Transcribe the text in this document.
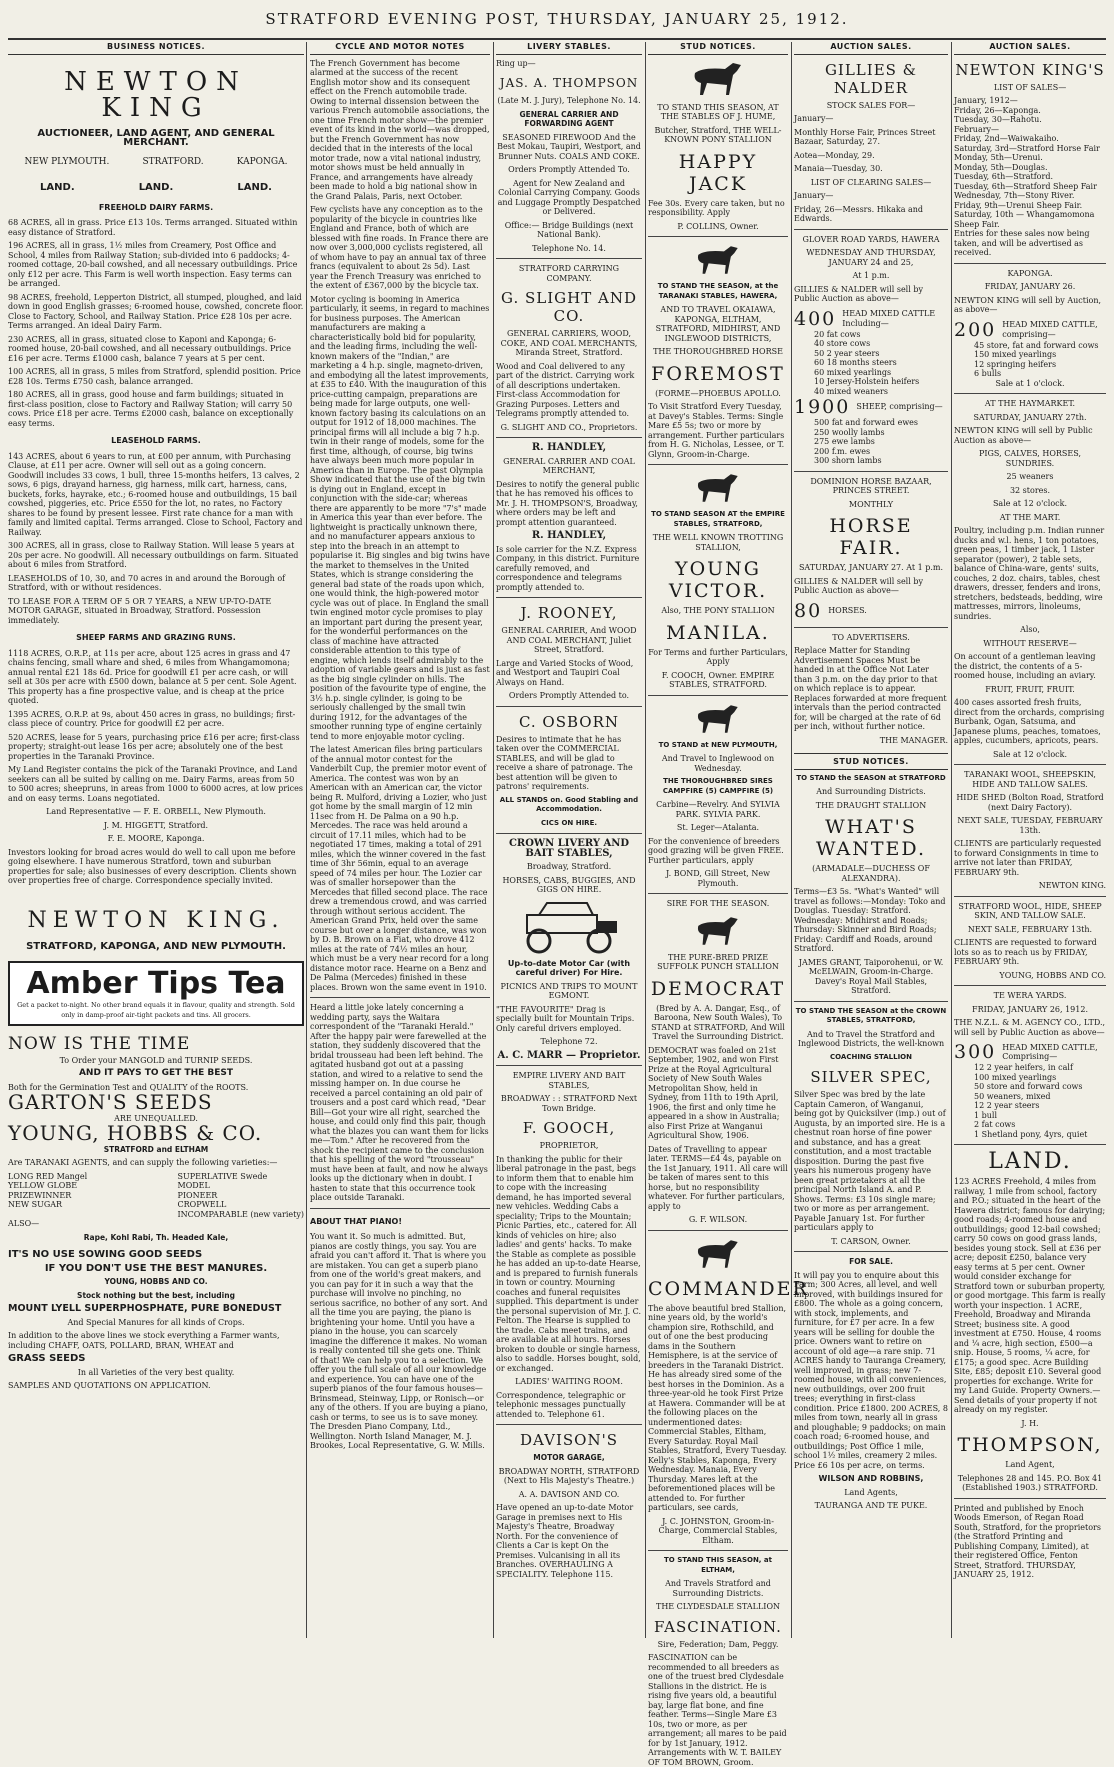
STRATFORD EVENING POST, THURSDAY, JANUARY 25, 1912.
BUSINESS NOTICES.
NEWTON KING
AUCTIONEER, LAND AGENT, AND GENERAL MERCHANT.
NEW PLYMOUTH.	STRATFORD.	KAPONGA.
LAND.	LAND.	LAND.
FREEHOLD DAIRY FARMS.

68 ACRES, all in grass. Price £13 10s. Terms arranged. Situated within easy distance of Stratford.

196 ACRES, all in grass, 1½ miles from Creamery, Post Office and School, 4 miles from Railway Station; sub-divided into 6 paddocks; 4-roomed cottage, 20-bail cowshed, and all necessary outbuildings. Price only £12 per acre. This Farm is well worth inspection. Easy terms can be arranged.

98 ACRES, freehold, Lepperton District, all stumped, ploughed, and laid down in good English grasses; 6-roomed house, cowshed, concrete floor. Close to Factory, School, and Railway Station. Price £28 10s per acre. Terms arranged. An ideal Dairy Farm.

230 ACRES, all in grass, situated close to Kaponi and Kaponga; 6-roomed house, 20-bail cowshed, and all necessary outbuildings. Price £16 per acre. Terms £1000 cash, balance 7 years at 5 per cent.

100 ACRES, all in grass, 5 miles from Stratford, splendid position. Price £28 10s. Terms £750 cash, balance arranged.

180 ACRES, all in grass, good house and farm buildings; situated in first-class position, close to Factory and Railway Station; will carry 50 cows. Price £18 per acre. Terms £2000 cash, balance on exceptionally easy terms.

LEASEHOLD FARMS.

143 ACRES, about 6 years to run, at £00 per annum, with Purchasing Clause, at £11 per acre. Owner will sell out as a going concern. Goodwill includes 33 cows, 1 bull, three 15-months heifers, 13 calves, 2 sows, 6 pigs, drayand harness, gig harness, milk cart, harness, cans, buckets, forks, hayrake, etc.; 6-roomed house and outbuildings, 15 bail cowshed, piggeries, etc. Price £550 for the lot, no rates, no Factory shares to be found by present lessee. First rate chance for a man with family and limited capital. Terms arranged. Close to School, Factory and Railway.

300 ACRES, all in grass, close to Railway Station. Will lease 5 years at 20s per acre. No goodwill. All necessary outbuildings on farm. Situated about 6 miles from Stratford.

LEASEHOLDS of 10, 30, and 70 acres in and around the Borough of Stratford, with or without residences.

TO LEASE FOR A TERM OF 5 OR 7 YEARS, a NEW UP-TO-DATE MOTOR GARAGE, situated in Broadway, Stratford. Possession immediately.

SHEEP FARMS AND GRAZING RUNS.

1118 ACRES, O.R.P., at 11s per acre, about 125 acres in grass and 47 chains fencing, small whare and shed, 6 miles from Whangamomona; annual rental £21 18s 6d. Price for goodwill £1 per acre cash, or will sell at 30s per acre with £500 down, balance at 5 per cent. Sole Agent. This property has a fine prospective value, and is cheap at the price quoted.

1395 ACRES, O.R.P. at 9s, about 450 acres in grass, no buildings; first-class piece of country. Price for goodwill £2 per acre.

520 ACRES, lease for 5 years, purchasing price £16 per acre; first-class property; straight-out lease 16s per acre; absolutely one of the best properties in the Taranaki Province.

My Land Register contains the pick of the Taranaki Province, and Land seekers can all be suited by calling on me. Dairy Farms, areas from 50 to 500 acres; sheepruns, in areas from 1000 to 6000 acres, at low prices and on easy terms. Loans negotiated.

Land Representative — F. E. ORBELL, New Plymouth.

J. M. HIGGETT, Stratford.

F. E. MOORE, Kaponga.

Investors looking for broad acres would do well to call upon me before going elsewhere. I have numerous Stratford, town and suburban properties for sale; also businesses of every description. Clients shown over properties free of charge. Correspondence specially invited.

NEWTON KING.
STRATFORD, KAPONGA, AND NEW PLYMOUTH.
Amber Tips Tea
Get a packet to-night. No other brand equals it in flavour, quality and strength. Sold only in damp-proof air-tight packets and tins. All grocers.
NOW IS THE TIME

To Order your MANGOLD and TURNIP SEEDS.

AND IT PAYS TO GET THE BEST

Both for the Germination Test and QUALITY of the ROOTS.

GARTON'S SEEDS

ARE UNEQUALLED.

YOUNG, HOBBS & CO.

STRATFORD and ELTHAM

Are TARANAKI AGENTS, and can supply the following varieties:—

LONG RED Mangel
YELLOW GLOBE
PRIZEWINNER
NEW SUGAR
SUPERLATIVE Swede
MODEL
PIONEER
CROPWELL
INCOMPARABLE (new variety)

ALSO—

Rape, Kohl Rabi, Th. Headed Kale,

IT'S NO USE SOWING GOOD SEEDS

IF YOU DON'T USE THE BEST MANURES.

YOUNG, HOBBS AND CO.

Stock nothing but the best, including

MOUNT LYELL SUPERPHOSPHATE, PURE BONEDUST

And Special Manures for all kinds of Crops.

In addition to the above lines we stock everything a Farmer wants, including CHAFF, OATS, POLLARD, BRAN, WHEAT and

GRASS SEEDS

In all Varieties of the very best quality.

SAMPLES AND QUOTATIONS ON APPLICATION.

CYCLE AND MOTOR NOTES

The French Government has become alarmed at the success of the recent English motor show and its consequent effect on the French automobile trade. Owing to internal dissension between the various French automobile associations, the one time French motor show—the premier event of its kind in the world—was dropped, but the French Government has now decided that in the interests of the local motor trade, now a vital national industry, motor shows must be held annually in France, and arrangements have already been made to hold a big national show in the Grand Palais, Paris, next October.

Few cyclists have any conception as to the popularity of the bicycle in countries like England and France, both of which are blessed with fine roads. In France there are now over 3,000,000 cyclists registered, all of whom have to pay an annual tax of three francs (equivalent to about 2s 5d). Last year the French Treasury was enriched to the extent of £367,000 by the bicycle tax.

Motor cycling is booming in America particularly, it seems, in regard to machines for business purposes. The American manufacturers are making a characteristically bold bid for popularity, and the leading firms, including the well-known makers of the "Indian," are marketing a 4 h.p. single, magneto-driven, and embodying all the latest improvements, at £35 to £40. With the inauguration of this price-cutting campaign, preparations are being made for large outputs, one well-known factory basing its calculations on an output for 1912 of 18,000 machines. The principal firms will all include a big 7 h.p. twin in their range of models, some for the first time, although, of course, big twins have always been much more popular in America than in Europe. The past Olympia Show indicated that the use of the big twin is dying out in England, except in conjunction with the side-car; whereas there are apparently to be more "7's" made in America this year than ever before. The lightweight is practically unknown there, and no manufacturer appears anxious to step into the breach in an attempt to popularise it. Big singles and big twins have the market to themselves in the United States, which is strange considering the general bad state of the roads upon which, one would think, the high-powered motor cycle was out of place. In England the small twin engined motor cycle promises to play an important part during the present year, for the wonderful performances on the class of machine have attracted considerable attention to this type of engine, which lends itself admirably to the adoption of variable gears and is just as fast as the big single cylinder on hills. The position of the favourite type of engine, the 3½ h.p. single cylinder, is going to be seriously challenged by the small twin during 1912, for the advantages of the smoother running type of engine certainly tend to more enjoyable motor cycling.

The latest American files bring particulars of the annual motor contest for the Vanderbilt Cup, the premier motor event of America. The contest was won by an American with an American car, the victor being R. Mulford, driving a Lozier, who just got home by the small margin of 12 min 11sec from H. De Palma on a 90 h.p. Mercedes. The race was held around a circuit of 17.11 miles, which had to be negotiated 17 times, making a total of 291 miles, which the winner covered in the fast time of 3hr 56min, equal to an average speed of 74 miles per hour. The Lozier car was of smaller horsepower than the Mercedes that filled second place. The race drew a tremendous crowd, and was carried through without serious accident. The American Grand Prix, held over the same course but over a longer distance, was won by D. B. Brown on a Fiat, who drove 412 miles at the rate of 74½ miles an hour, which must be a very near record for a long distance motor race. Hearne on a Benz and De Palma (Mercedes) finished in these places. Brown won the same event in 1910.

Heard a little joke lately concerning a wedding party, says the Waitara correspondent of the "Taranaki Herald." After the happy pair were farewelled at the station, they suddenly discovered that the bridal trousseau had been left behind. The agitated husband got out at a passing station, and wired to a relative to send the missing hamper on. In due course he received a parcel containing an old pair of trousers and a post card which read, "Dear Bill—Got your wire all right, searched the house, and could only find this pair, though what the blazes you can want them for licks me—Tom." After he recovered from the shock the recipient came to the conclusion that his spelling of the word "trousseau" must have been at fault, and now he always looks up the dictionary when in doubt. I hasten to state that this occurrence took place outside Taranaki.

ABOUT THAT PIANO!

You want it. So much is admitted. But, pianos are costly things, you say. You are afraid you can't afford it. That is where you are mistaken. You can get a superb piano from one of the world's great makers, and you can pay for it in such a way that the purchase will involve no pinching, no serious sacrifice, no bother of any sort. And all the time you are paying, the piano is brightening your home. Until you have a piano in the house, you can scarcely imagine the difference it makes. No woman is really contented till she gets one. Think of that! We can help you to a selection. We offer you the full scale of all our knowledge and experience. You can have one of the superb pianos of the four famous houses—Brinsmead, Steinway, Lipp, or Ronisch—or any of the others. If you are buying a piano, cash or terms, to see us is to save money. The Dresden Piano Company, Ltd., Wellington. North Island Manager, M. J. Brookes, Local Representative, G. W. Mills.

LIVERY STABLES.

Ring up—

JAS. A. THOMPSON

(Late M. J. Jury), Telephone No. 14.

GENERAL CARRIER AND FORWARDING AGENT

SEASONED FIREWOOD And the Best Mokau, Taupiri, Westport, and Brunner Nuts. COALS AND COKE.

Orders Promptly Attended To.

Agent for New Zealand and Colonial Carrying Company. Goods and Luggage Promptly Despatched or Delivered.

Office:— Bridge Buildings (next National Bank).

Telephone No. 14.

STRATFORD CARRYING COMPANY.

G. SLIGHT AND CO.

GENERAL CARRIERS, WOOD, COKE, AND COAL MERCHANTS, Miranda Street, Stratford.

Wood and Coal delivered to any part of the district. Carrying work of all descriptions undertaken. First-class Accommodation for Grazing Purposes. Letters and Telegrams promptly attended to.

G. SLIGHT AND CO., Proprietors.

R. HANDLEY,

GENERAL CARRIER AND COAL MERCHANT,

Desires to notify the general public that he has removed his offices to Mr. J. H. THOMPSON'S, Broadway, where orders may be left and prompt attention guaranteed.

R. HANDLEY,

Is sole carrier for the N.Z. Express Company, in this district. Furniture carefully removed, and correspondence and telegrams promptly attended to.

J. ROONEY,

GENERAL CARRIER, And WOOD AND COAL MERCHANT, Juliet Street, Stratford.

Large and Varied Stocks of Wood, and Westport and Taupiri Coal Always on Hand.

Orders Promptly Attended to.

C. OSBORN

Desires to intimate that he has taken over the COMMERCIAL STABLES, and will be glad to receive a share of patronage. The best attention will be given to patrons' requirements.

ALL STANDS on. Good Stabling and Accommodation.

CICS ON HIRE.

CROWN LIVERY AND BAIT STABLES,

Broadway, Stratford.

HORSES, CABS, BUGGIES, AND GIGS ON HIRE.

Up-to-date Motor Car (with careful driver) For Hire.

PICNICS AND TRIPS TO MOUNT EGMONT.

"THE FAVOURITE" Drag is specially built for Mountain Trips. Only careful drivers employed.

Telephone 72.

A. C. MARR — Proprietor.

EMPIRE LIVERY AND BAIT STABLES,

BROADWAY : : STRATFORD Next Town Bridge.

F. GOOCH,

PROPRIETOR,

In thanking the public for their liberal patronage in the past, begs to inform them that to enable him to cope with the increasing demand, he has imported several new vehicles. Wedding Cabs a speciality; Trips to the Mountain; Picnic Parties, etc., catered for. All kinds of vehicles on hire; also ladies' and gents' hacks. To make the Stable as complete as possible he has added an up-to-date Hearse, and is prepared to furnish funerals in town or country. Mourning coaches and funeral requisites supplied. This department is under the personal supervision of Mr. J. C. Felton. The Hearse is supplied to the trade. Cabs meet trains, and are available at all hours. Horses broken to double or single harness, also to saddle. Horses bought, sold, or exchanged.

LADIES' WAITING ROOM.

Correspondence, telegraphic or telephonic messages punctually attended to. Telephone 61.

DAVISON'S

MOTOR GARAGE,

BROADWAY NORTH, STRATFORD (Next to His Majesty's Theatre.)

A. A. DAVISON AND CO.

Have opened an up-to-date Motor Garage in premises next to His Majesty's Theatre, Broadway North. For the convenience of Clients a Car is kept On the Premises. Vulcanising in all its Branches. OVERHAULING A SPECIALITY. Telephone 115.

STUD NOTICES.

TO STAND THIS SEASON, AT THE STABLES OF J. HUME,

Butcher, Stratford, THE WELL-KNOWN PONY STALLION

HAPPY JACK

Fee 30s. Every care taken, but no responsibility. Apply

P. COLLINS, Owner.

TO STAND THE SEASON, at the TARANAKI STABLES, HAWERA,

AND TO TRAVEL OKAIAWA, KAPONGA, ELTHAM, STRATFORD, MIDHIRST, AND INGLEWOOD DISTRICTS,

THE THOROUGHBRED HORSE

FOREMOST

(FORME—PHOEBUS APOLLO.

To Visit Stratford Every Tuesday, at Davey's Stables. Terms: Single Mare £5 5s; two or more by arrangement. Further particulars from H. G. Nicholas, Lessee, or T. Glynn, Groom-in-Charge.

TO STAND SEASON AT the EMPIRE STABLES, STRATFORD,

THE WELL KNOWN TROTTING STALLION,

YOUNG VICTOR.

Also, THE PONY STALLION

MANILA.

For Terms and further Particulars, Apply

F. COOCH, Owner. EMPIRE STABLES, STRATFORD.

TO STAND at NEW PLYMOUTH,

And Travel to Inglewood on Wednesday.

THE THOROUGHBRED SIRES CAMPFIRE (5) CAMPFIRE (5)

Carbine—Revelry. And SYLVIA PARK. SYLVIA PARK.

St. Leger—Atalanta.

For the convenience of breeders good grazing will be given FREE. Further particulars, apply

J. BOND, Gill Street, New Plymouth.

SIRE FOR THE SEASON.

THE PURE-BRED PRIZE SUFFOLK PUNCH STALLION

DEMOCRAT

(Bred by A. A. Dangar, Esq., of Baroona, New South Wales), To STAND at STRATFORD, And Will Travel the Surrounding District.

DEMOCRAT was foaled on 21st September, 1902, and won First Prize at the Royal Agricultural Society of New South Wales Metropolitan Show, held in Sydney, from 11th to 19th April, 1906, the first and only time he appeared in a show in Australia; also First Prize at Wanganui Agricultural Show, 1906.

Dates of Travelling to appear later. TERMS—£4 4s, payable on the 1st January, 1911. All care will be taken of mares sent to this horse, but no responsibility whatever. For further particulars, apply to

G. F. WILSON.

COMMANDER

The above beautiful bred Stallion, nine years old, by the world's champion sire, Rothschild, and out of one the best producing dams in the Southern Hemisphere, is at the service of breeders in the Taranaki District. He has already sired some of the best horses in the Dominion. As a three-year-old he took First Prize at Hawera. Commander will be at the following places on the undermentioned dates: Commercial Stables, Eltham, Every Saturday. Royal Mail Stables, Stratford, Every Tuesday. Kelly's Stables, Kaponga, Every Wednesday. Manaia, Every Thursday. Mares left at the beforementioned places will be attended to. For further particulars, see cards,

J. C. JOHNSTON, Groom-in-Charge, Commercial Stables, Eltham.

TO STAND THIS SEASON, at ELTHAM,

And Travels Stratford and Surrounding Districts.

THE CLYDESDALE STALLION

FASCINATION.

Sire, Federation; Dam, Peggy.

FASCINATION can be recommended to all breeders as one of the truest bred Clydesdale Stallions in the district. He is rising five years old, a beautiful bay, large flat bone, and fine feather. Terms—Single Mare £3 10s, two or more, as per arrangement; all mares to be paid for by 1st January, 1912. Arrangements with W. T. BAILEY OF TOM BROWN, Groom.

AUCTION SALES.
GILLIES & NALDER

STOCK SALES FOR—

January—

Monthly Horse Fair, Princes Street Bazaar, Saturday, 27.

Aotea—Monday, 29.

Manaia—Tuesday, 30.

LIST OF CLEARING SALES—

January—

Friday, 26—Messrs. Hikaka and Edwards.

GLOVER ROAD YARDS, HAWERA

WEDNESDAY AND THURSDAY, JANUARY 24 and 25,

At 1 p.m.

GILLIES & NALDER will sell by Public Auction as above—

400 HEAD MIXED CATTLE Including—
20 fat cows
40 store cows
50 2 year steers
60 18 months steers
60 mixed yearlings
10 Jersey-Holstein heifers
40 mixed weaners
1900 SHEEP, comprising—
500 fat and forward ewes
250 woolly lambs
275 ewe lambs
200 f.m. ewes
300 shorn lambs

DOMINION HORSE BAZAAR, PRINCES STREET.

MONTHLY

HORSE FAIR.

SATURDAY, JANUARY 27. At 1 p.m.

GILLIES & NALDER will sell by Public Auction as above—

80 HORSES.

TO ADVERTISERS.

Replace Matter for Standing Advertisement Spaces Must be handed in at the Office Not Later than 3 p.m. on the day prior to that on which replace is to appear. Replaces forwarded at more frequent intervals than the period contracted for, will be charged at the rate of 6d per inch, without further notice.

THE MANAGER.

STUD NOTICES.

TO STAND the SEASON at STRATFORD

And Surrounding Districts.

THE DRAUGHT STALLION

WHAT'S WANTED.

(ARMADALE—DUCHESS OF ALEXANDRA).

Terms—£3 5s. "What's Wanted" will travel as follows:—Monday: Toko and Douglas. Tuesday: Stratford. Wednesday: Midhirst and Roads; Thursday: Skinner and Bird Roads; Friday: Cardiff and Roads, around Stratford.

JAMES GRANT, Taiporohenui, or W. McELWAIN, Groom-in-Charge. Davey's Royal Mail Stables, Stratford.

TO STAND THE SEASON at the CROWN STABLES, STRATFORD,

And to Travel the Stratford and Inglewood Districts, the well-known

COACHING STALLION

SILVER SPEC,

Silver Spec was bred by the late Captain Cameron, of Wanganui, being got by Quicksilver (imp.) out of Augusta, by an imported sire. He is a chestnut roan horse of fine power and substance, and has a great constitution, and a most tractable disposition. During the past five years his numerous progeny have been great prizetakers at all the principal North Island A. and P. Shows. Terms: £3 10s single mare; two or more as per arrangement. Payable January 1st. For further particulars apply to

T. CARSON, Owner.

FOR SALE.

It will pay you to enquire about this Farm; 300 Acres, all level, and well improved, with buildings insured for £800. The whole as a going concern, with stock, implements, and furniture, for £7 per acre. In a few years will be selling for double the price. Owners want to retire on account of old age—a rare snip. 71 ACRES handy to Tauranga Creamery, well improved, in grass; new 7-roomed house, with all conveniences, new outbuildings, over 200 fruit trees; everything in first-class condition. Price £1800. 200 ACRES, 8 miles from town, nearly all in grass and ploughable; 9 paddocks; on main coach road; 6-roomed house, and outbuildings; Post Office 1 mile, school 1½ miles, creamery 2 miles. Price £6 10s per acre, on terms.

WILSON AND ROBBINS,

Land Agents,

TAURANGA AND TE PUKE.

AUCTION SALES.
NEWTON KING'S

LIST OF SALES—

January, 1912—
Friday, 26—Kaponga.
Tuesday, 30—Rahotu.
February—
Friday, 2nd—Waiwakaiho.
Saturday, 3rd—Stratford Horse Fair
Monday, 5th—Urenui.
Monday, 5th—Douglas.
Tuesday, 6th—Stratford.
Tuesday, 6th—Stratford Sheep Fair
Wednesday, 7th—Stony River.
Friday, 9th—Urenui Sheep Fair.
Saturday, 10th — Whangamomona Sheep Fair.

Entries for these sales now being taken, and will be advertised as received.

KAPONGA.

FRIDAY, JANUARY 26.

NEWTON KING will sell by Auction, as above—

200 HEAD MIXED CATTLE, comprising—
45 store, fat and forward cows
150 mixed yearlings
12 springing heifers
6 bulls

Sale at 1 o'clock.

AT THE HAYMARKET.

SATURDAY, JANUARY 27th.

NEWTON KING will sell by Public Auction as above—

PIGS, CALVES, HORSES, SUNDRIES.

25 weaners

32 stores.

Sale at 12 o'clock.

AT THE MART.

Poultry, including p.m. Indian runner ducks and w.l. hens, 1 ton potatoes, green peas, 1 timber jack, 1 Lister separator (power), 2 table sets, balance of China-ware, gents' suits, couches, 2 doz. chairs, tables, chest drawers, dresser, fenders and irons, stretchers, bedsteads, bedding, wire mattresses, mirrors, linoleums, sundries.

Also,

WITHOUT RESERVE—

On account of a gentleman leaving the district, the contents of a 5-roomed house, including an aviary.

FRUIT, FRUIT, FRUIT.

400 cases assorted fresh fruits, direct from the orchards, comprising Burbank, Ogan, Satsuma, and Japanese plums, peaches, tomatoes, apples, cucumbers, apricots, pears.

Sale at 12 o'clock.

TARANAKI WOOL, SHEEPSKIN, HIDE AND TALLOW SALES.

HIDE SHED (Bolton Road, Stratford (next Dairy Factory).

NEXT SALE, TUESDAY, FEBRUARY 13th.

CLIENTS are particularly requested to forward Consignments in time to arrive not later than FRIDAY, FEBRUARY 9th.

NEWTON KING.

STRATFORD WOOL, HIDE, SHEEP SKIN, AND TALLOW SALE.

NEXT SALE, FEBRUARY 13th.

CLIENTS are requested to forward lots so as to reach us by FRIDAY, FEBRUARY 9th.

YOUNG, HOBBS AND CO.

TE WERA YARDS.

FRIDAY, JANUARY 26, 1912.

THE N.Z.L. & M. AGENCY CO., LTD., will sell by Public Auction as above—

300 HEAD MIXED CATTLE, Comprising—
12 2 year heifers, in calf
100 mixed yearlings
50 store and forward cows
50 weaners, mixed
12 2 year steers
1 bull
2 fat cows
1 Shetland pony, 4yrs, quiet
LAND.

123 ACRES Freehold, 4 miles from railway, 1 mile from school, factory and P.O.; situated in the heart of the Hawera district; famous for dairying; good roads; 4-roomed house and outbuildings; good 12-bail cowshed; carry 50 cows on good grass lands, besides young stock. Sell at £36 per acre; deposit £250, balance very easy terms at 5 per cent. Owner would consider exchange for Stratford town or suburban property, or good mortgage. This farm is really worth your inspection. 1 ACRE, Freehold, Broadway and Miranda Street; business site. A good investment at £750. House, 4 rooms and ¼ acre, high section, £500—a snip. House, 5 rooms, ¼ acre, for £175; a good spec. Acre Building Site, £85; deposit £10. Several good properties for exchange. Write for my Land Guide. Property Owners.—Send details of your property if not already on my register.

J. H.

THOMPSON,

Land Agent,

Telephones 28 and 145. P.O. Box 41 (Established 1903.) STRATFORD.

Printed and published by Enoch Woods Emerson, of Regan Road South, Stratford, for the proprietors (the Stratford Printing and Publishing Company, Limited), at their registered Office, Fenton Street, Stratford. THURSDAY, JANUARY 25, 1912.
